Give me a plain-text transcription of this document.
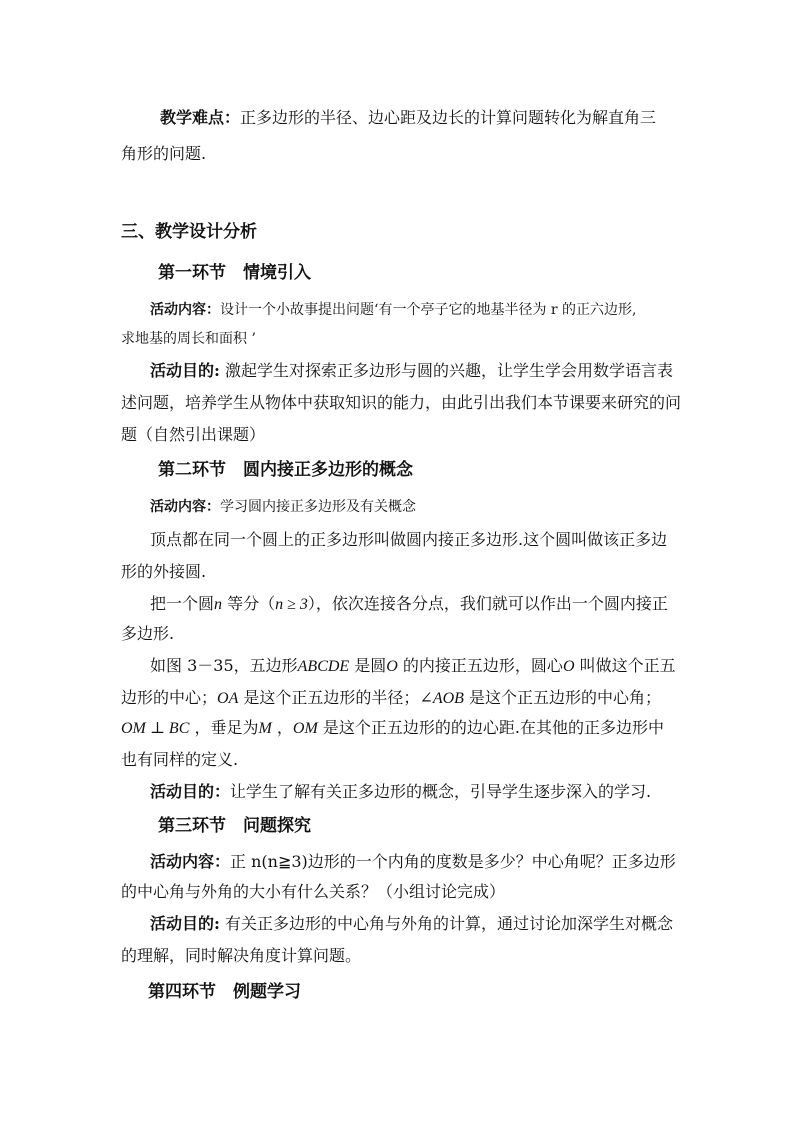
教学难点：正多边形的半径、边心距及边长的计算问题转化为解直角三
角形的问题.
三、教学设计分析
第一环节　情境引入
活动内容：设计一个小故事提出问题‘有一个亭子它的地基半径为 r 的正六边形,
求地基的周长和面积 ’
活动目的: 激起学生对探索正多边形与圆的兴趣，让学生学会用数学语言表
述问题，培养学生从物体中获取知识的能力，由此引出我们本节课要来研究的问
题（自然引出课题）
第二环节　圆内接正多边形的概念
活动内容：学习圆内接正多边形及有关概念
顶点都在同一个圆上的正多边形叫做圆内接正多边形.这个圆叫做该正多边
形的外接圆.
把一个圆n 等分（n ≥ 3），依次连接各分点，我们就可以作出一个圆内接正
多边形.
如图 3－35，五边形ABCDE 是圆O 的内接正五边形，圆心O 叫做这个正五
边形的中心；OA 是这个正五边形的半径；∠AOB 是这个正五边形的中心角；
OM ⊥ BC ，垂足为M ，OM 是这个正五边形的的边心距.在其他的正多边形中
也有同样的定义.
活动目的：让学生了解有关正多边形的概念，引导学生逐步深入的学习.
第三环节　问题探究
活动内容：正 n(n≧3)边形的一个内角的度数是多少？中心角呢？正多边形
的中心角与外角的大小有什么关系？（小组讨论完成）
活动目的: 有关正多边形的中心角与外角的计算，通过讨论加深学生对概念
的理解，同时解决角度计算问题。
第四环节　例题学习
